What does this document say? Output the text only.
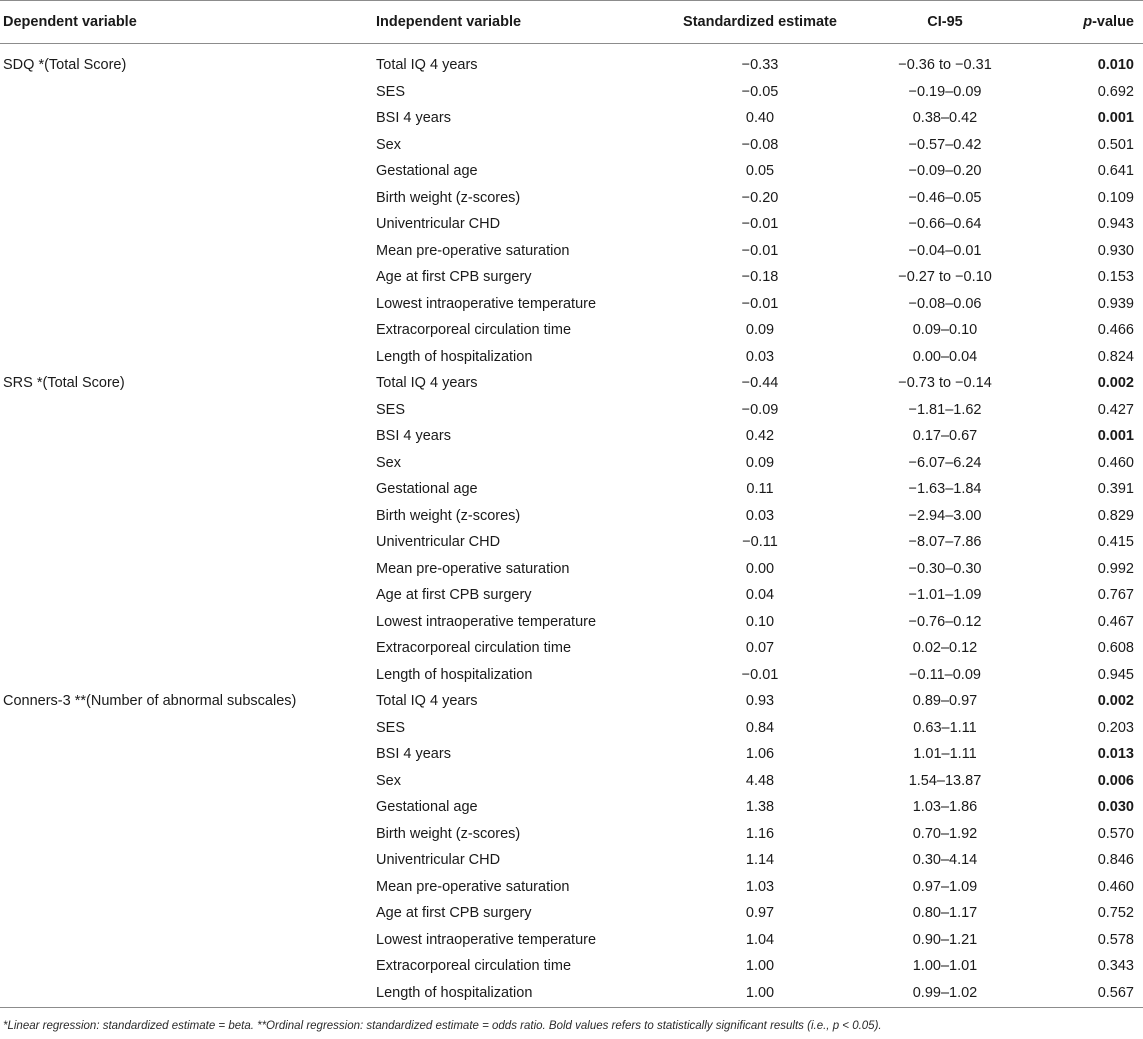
Dependent variable	Independent variable	Standardized estimate	CI-95	p-value
SDQ *(Total Score)	Total IQ 4 years	−0.33	−0.36 to −0.31	0.010
SES	−0.05	−0.19–0.09	0.692
BSI 4 years	0.40	0.38–0.42	0.001
Sex	−0.08	−0.57–0.42	0.501
Gestational age	0.05	−0.09–0.20	0.641
Birth weight (z-scores)	−0.20	−0.46–0.05	0.109
Univentricular CHD	−0.01	−0.66–0.64	0.943
Mean pre-operative saturation	−0.01	−0.04–0.01	0.930
Age at first CPB surgery	−0.18	−0.27 to −0.10	0.153
Lowest intraoperative temperature	−0.01	−0.08–0.06	0.939
Extracorporeal circulation time	0.09	0.09–0.10	0.466
Length of hospitalization	0.03	0.00–0.04	0.824
SRS *(Total Score)	Total IQ 4 years	−0.44	−0.73 to −0.14	0.002
SES	−0.09	−1.81–1.62	0.427
BSI 4 years	0.42	0.17–0.67	0.001
Sex	0.09	−6.07–6.24	0.460
Gestational age	0.11	−1.63–1.84	0.391
Birth weight (z-scores)	0.03	−2.94–3.00	0.829
Univentricular CHD	−0.11	−8.07–7.86	0.415
Mean pre-operative saturation	0.00	−0.30–0.30	0.992
Age at first CPB surgery	0.04	−1.01–1.09	0.767
Lowest intraoperative temperature	0.10	−0.76–0.12	0.467
Extracorporeal circulation time	0.07	0.02–0.12	0.608
Length of hospitalization	−0.01	−0.11–0.09	0.945
Conners-3 **(Number of abnormal subscales)	Total IQ 4 years	0.93	0.89–0.97	0.002
SES	0.84	0.63–1.11	0.203
BSI 4 years	1.06	1.01–1.11	0.013
Sex	4.48	1.54–13.87	0.006
Gestational age	1.38	1.03–1.86	0.030
Birth weight (z-scores)	1.16	0.70–1.92	0.570
Univentricular CHD	1.14	0.30–4.14	0.846
Mean pre-operative saturation	1.03	0.97–1.09	0.460
Age at first CPB surgery	0.97	0.80–1.17	0.752
Lowest intraoperative temperature	1.04	0.90–1.21	0.578
Extracorporeal circulation time	1.00	1.00–1.01	0.343
Length of hospitalization	1.00	0.99–1.02	0.567
*Linear regression: standardized estimate = beta. **Ordinal regression: standardized estimate = odds ratio. Bold values refers to statistically significant results (i.e., p < 0.05).
